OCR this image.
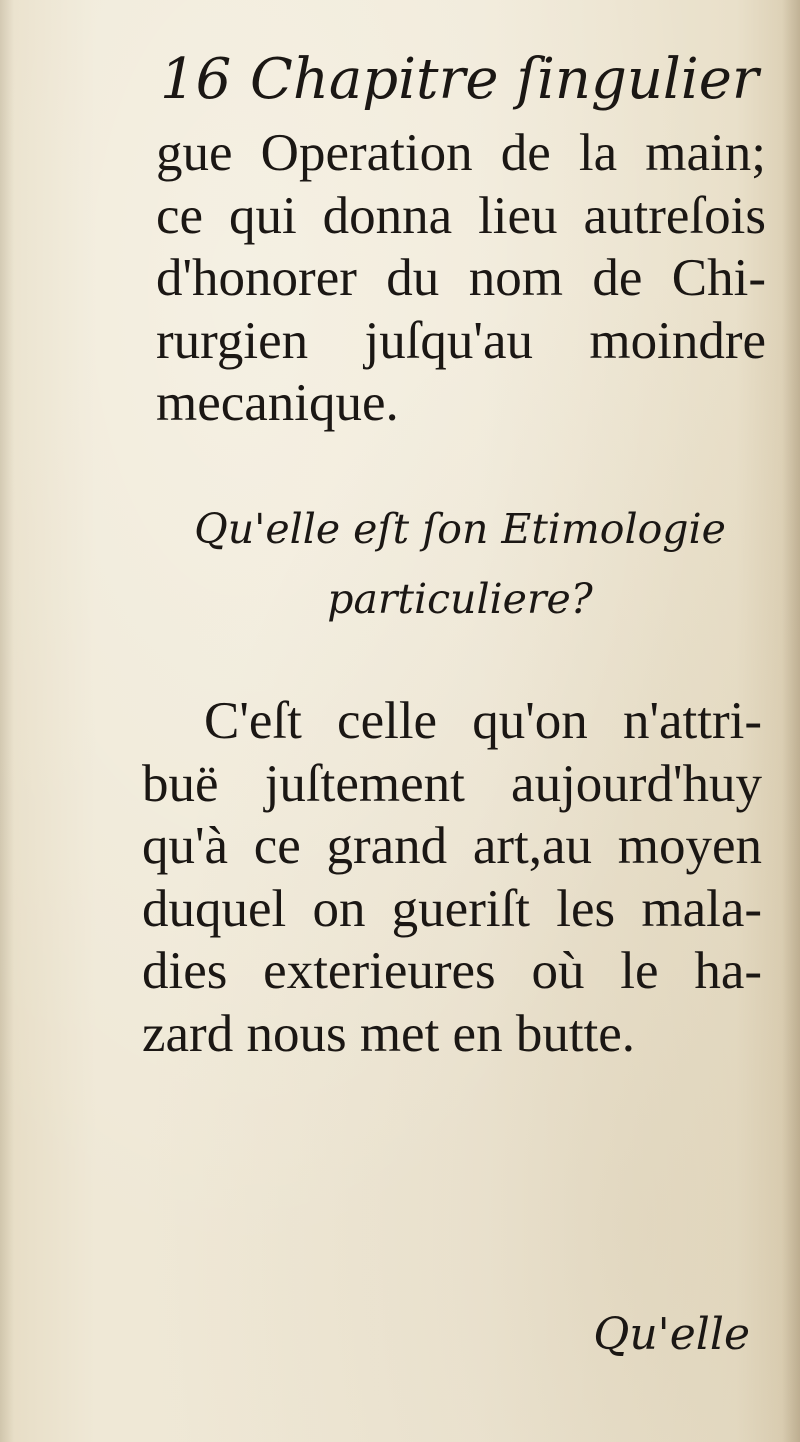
16 Chapitre ſingulier
gue Operation de la main;
ce qui donna lieu autreſois
d'honorer du nom de Chi-
rurgien juſqu'au moindre
mecanique.
Qu'elle eſt ſon Etimologie
particuliere?
C'eſt celle qu'on n'attri-
buë juſtement aujourd'huy
qu'à ce grand art,au moyen
duquel on gueriſt les mala-
dies exterieures où le ha-
zard nous met en butte.
Qu'elle
